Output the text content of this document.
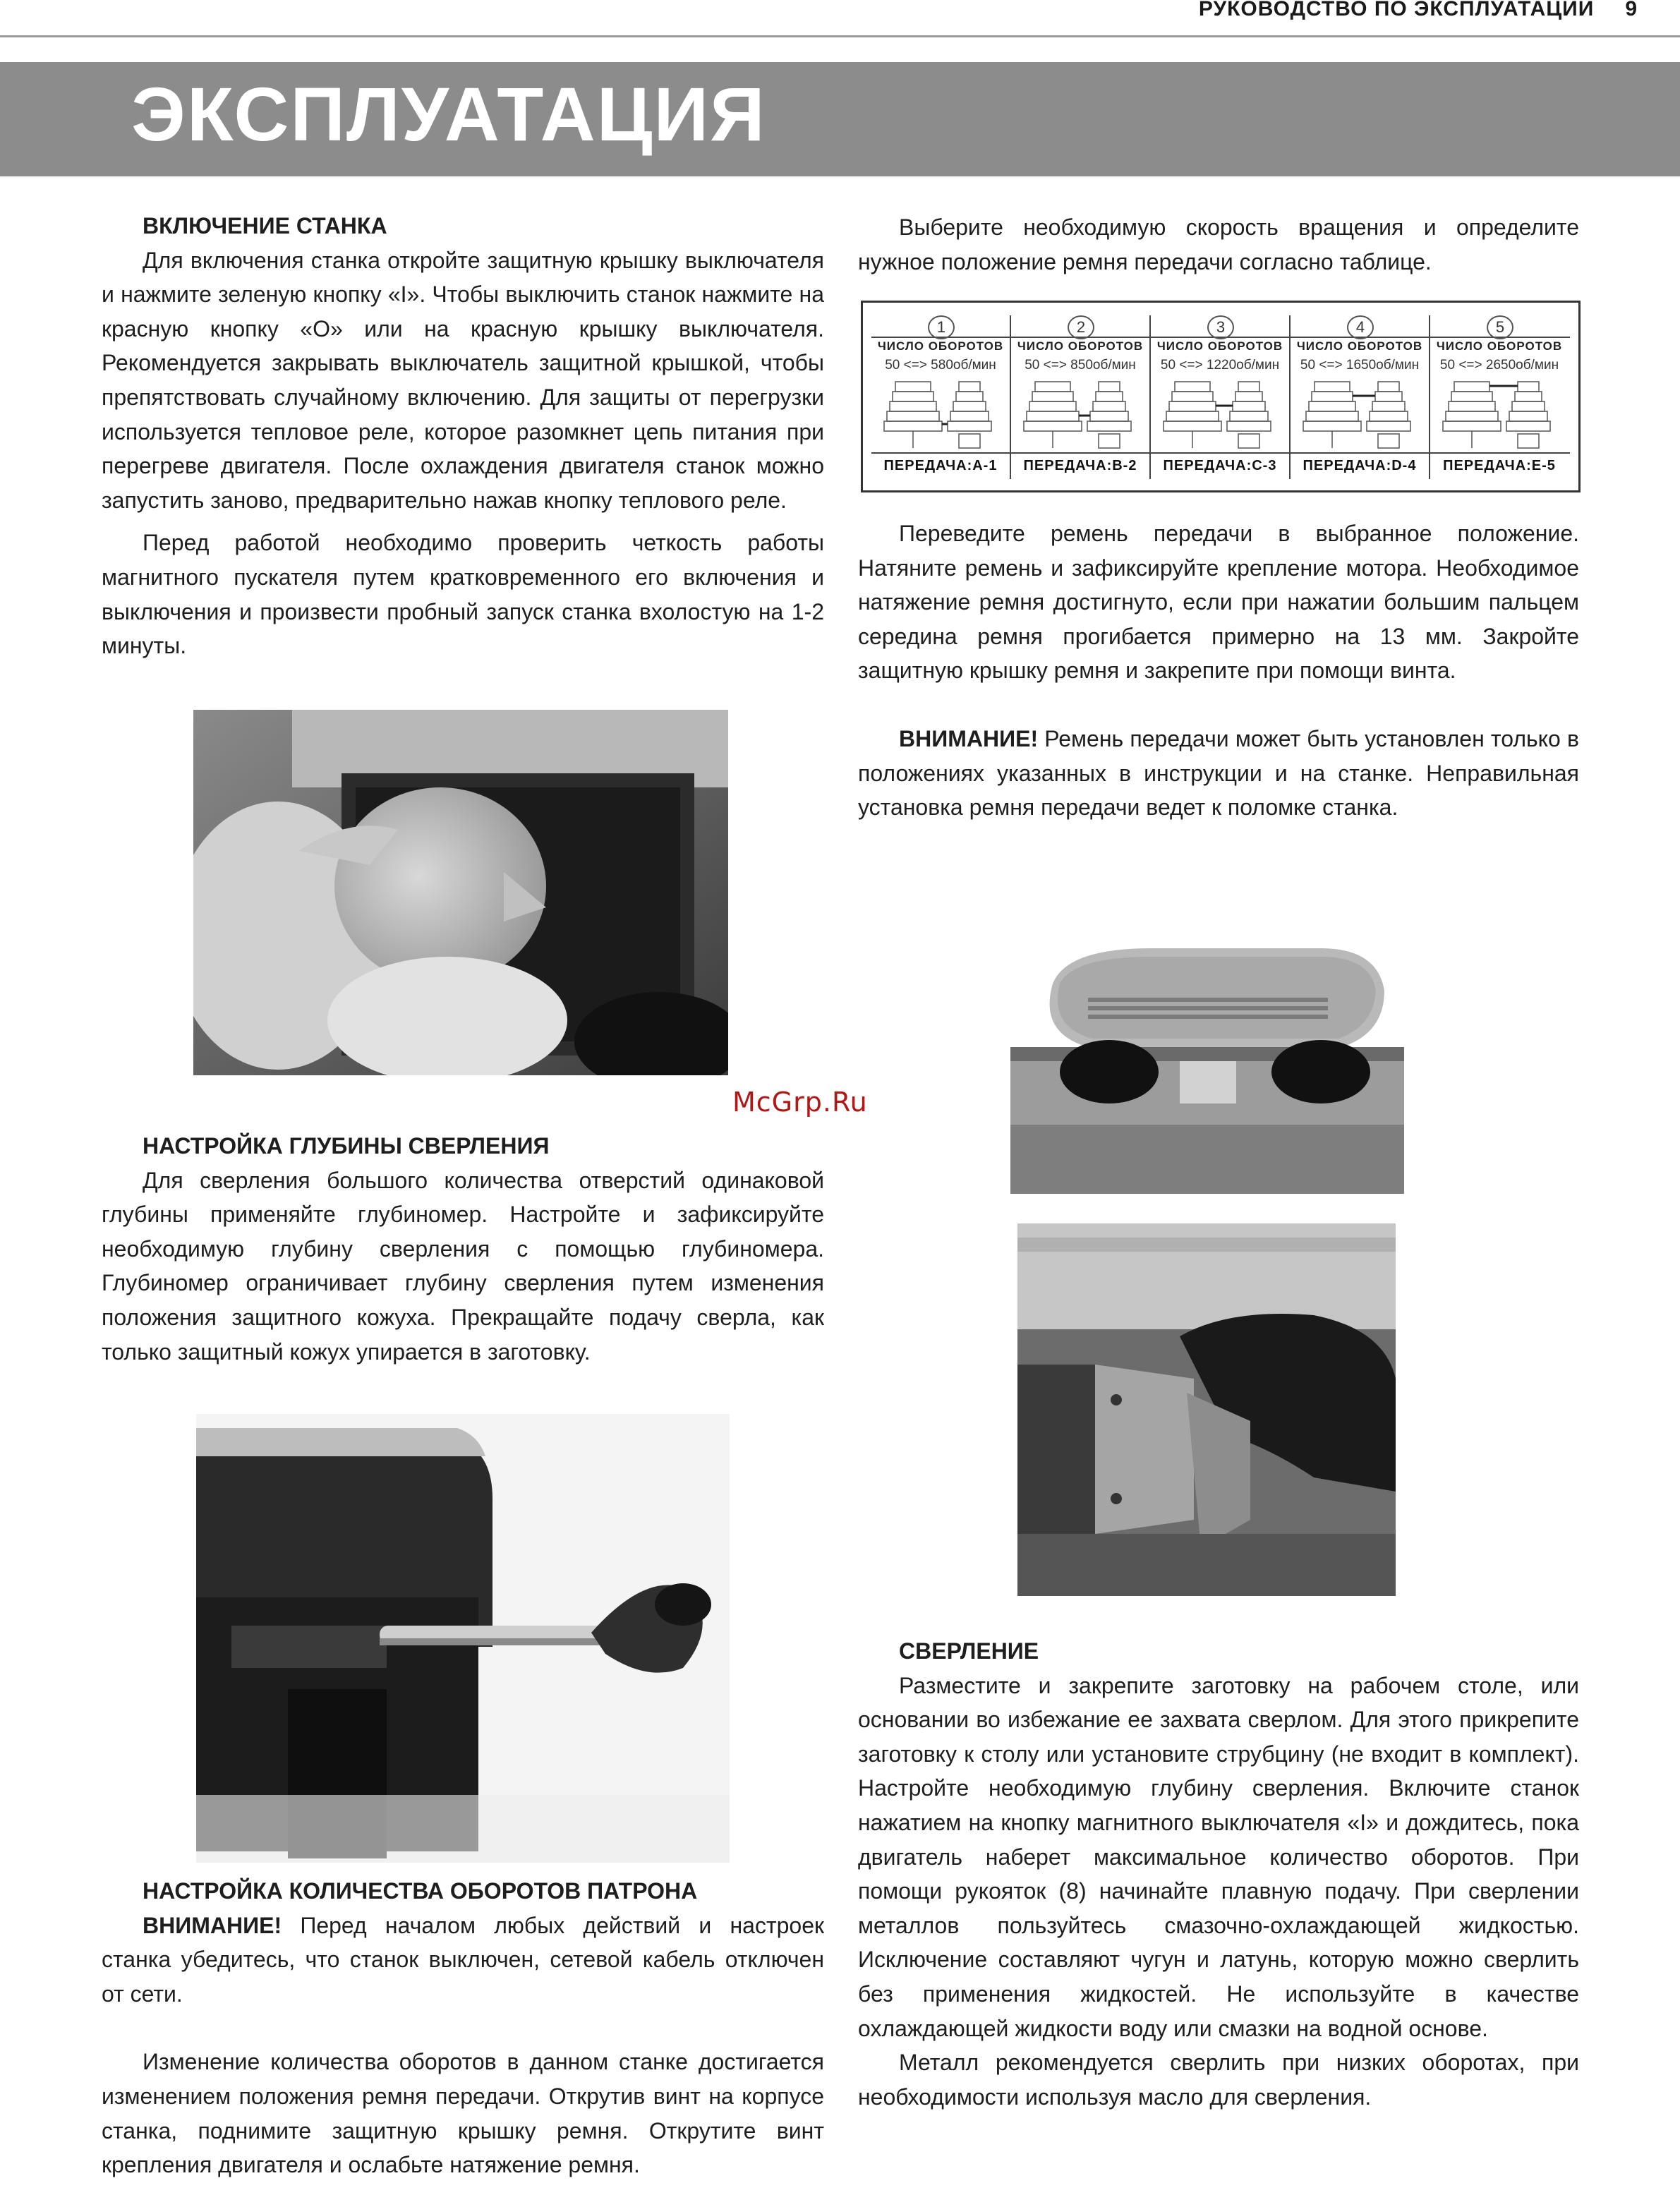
РУКОВОДСТВО ПО ЭКСПЛУАТАЦИИ 9
ЭКСПЛУАТАЦИЯ
ВКЛЮЧЕНИЕ СТАНКА

Для включения станка откройте защитную крышку выключателя и нажмите зеленую кнопку «I». Чтобы выключить станок нажмите на красную кнопку «O» или на красную крышку выключателя. Рекомендуется закрывать выключатель защитной крышкой, чтобы препятствовать случайному включению. Для защиты от перегрузки используется тепловое реле, которое разомкнет цепь питания при перегреве двигателя. После охлаждения двигателя станок можно запустить заново, предварительно нажав кнопку теплового реле.

Перед работой необходимо проверить четкость работы магнитного пускателя путем кратковременного его включения и выключения и произвести пробный запуск станка вхолостую на 1-2 минуты.

НАСТРОЙКА ГЛУБИНЫ СВЕРЛЕНИЯ

Для сверления большого количества отверстий одинаковой глубины применяйте глубиномер. Настройте и зафиксируйте необходимую глубину сверления с помощью глубиномера. Глубиномер ограничивает глубину сверления путем изменения положения защитного кожуха. Прекращайте подачу сверла, как только защитный кожух упирается в заготовку.

НАСТРОЙКА КОЛИЧЕСТВА ОБОРОТОВ ПАТРОНА

ВНИМАНИЕ! Перед началом любых действий и настроек станка убедитесь, что станок выключен, сетевой кабель отключен от сети.

Изменение количества оборотов в данном станке достигается изменением положения ремня передачи. Открутив винт на корпусе станка, поднимите защитную крышку ремня. Открутите винт крепления двигателя и ослабьте натяжение ремня.

Выберите необходимую скорость вращения и определите нужное положение ремня передачи согласно таблице.

1
ЧИСЛО ОБОРОТОВ
50 <=> 580об/мин
ПЕРЕДАЧА:A-1
2
ЧИСЛО ОБОРОТОВ
50 <=> 850об/мин
ПЕРЕДАЧА:B-2
3
ЧИСЛО ОБОРОТОВ
50 <=> 1220об/мин
ПЕРЕДАЧА:C-3
4
ЧИСЛО ОБОРОТОВ
50 <=> 1650об/мин
ПЕРЕДАЧА:D-4
5
ЧИСЛО ОБОРОТОВ
50 <=> 2650об/мин
ПЕРЕДАЧА:E-5

Переведите ремень передачи в выбранное положение. Натяните ремень и зафиксируйте крепление мотора. Необходимое натяжение ремня достигнуто, если при нажатии большим пальцем середина ремня прогибается примерно на 13 мм. Закройте защитную крышку ремня и закрепите при помощи винта.

ВНИМАНИЕ! Ремень передачи может быть установлен только в положениях указанных в инструкции и на станке. Неправильная установка ремня передачи ведет к поломке станка.

McGrp.Ru
СВЕРЛЕНИЕ

Разместите и закрепите заготовку на рабочем столе, или основании во избежание ее захвата сверлом. Для этого прикрепите заготовку к столу или установите струбцину (не входит в комплект). Настройте необходимую глубину сверления. Включите станок нажатием на кнопку магнитного выключателя «I» и дождитесь, пока двигатель наберет максимальное количество оборотов. При помощи рукояток (8) начинайте плавную подачу. При сверлении металлов пользуйтесь смазочно-охлаждающей жидкостью. Исключение составляют чугун и латунь, которую можно сверлить без применения жидкостей. Не используйте в качестве охлаждающей жидкости воду или смазки на водной основе.

Металл рекомендуется сверлить при низких оборотах, при необходимости используя масло для сверления.
